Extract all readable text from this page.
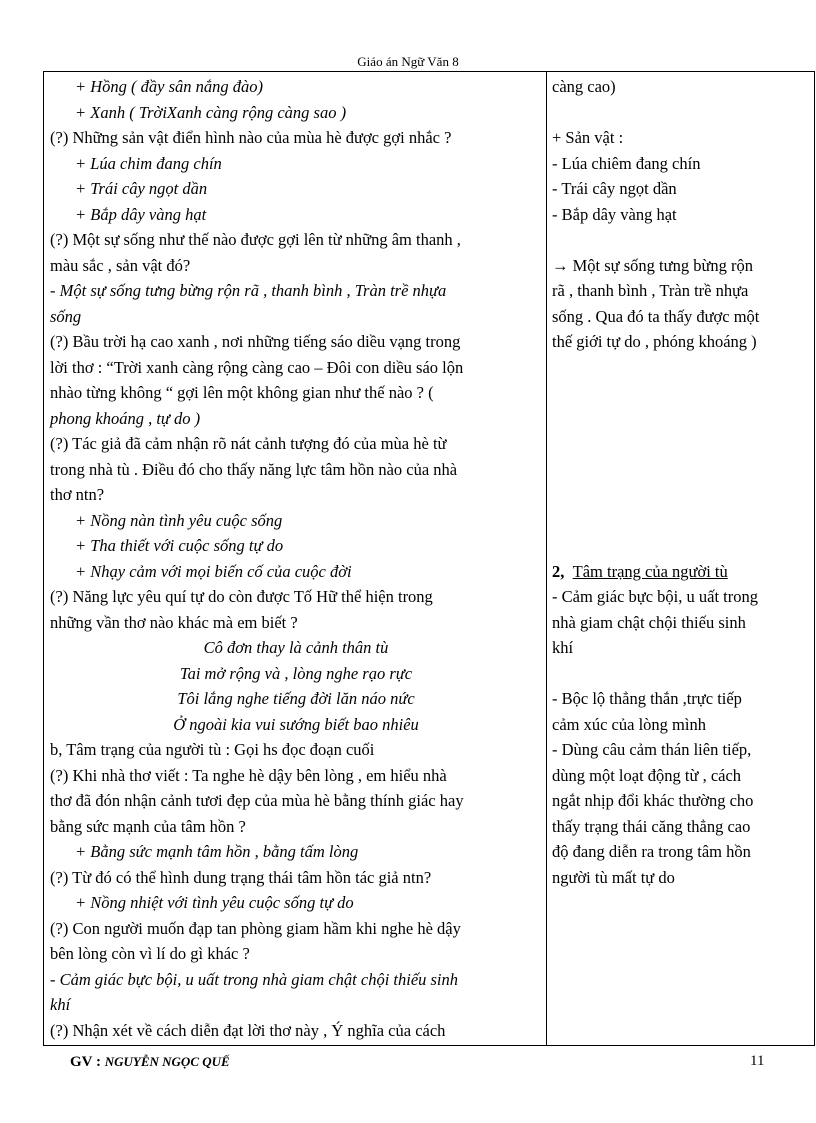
Giáo án Ngữ Văn 8
+ Hồng ( đầy sân nắng đào)
+ Xanh ( TrờiXanh càng rộng càng sao )
(?) Những sản vật điển hình nào của mùa hè được gợi nhắc ?
+ Lúa chim đang chín
+ Trái cây ngọt dần
+ Bắp dây vàng hạt
(?) Một sự sống như thế nào được gợi lên từ những âm thanh ,
màu sắc , sản vật đó?
- Một sự sống tưng bừng rộn rã , thanh bình , Tràn trề nhựa
sống
(?) Bầu trời hạ cao xanh , nơi những tiếng sáo diều vạng trong
lời thơ : “Trời xanh càng rộng càng cao – Đôi con diều sáo lộn
nhào từng không “ gợi lên một không gian như thế nào ? (
phong khoáng , tự do )
(?) Tác giả đã cảm nhận rõ nát cảnh tượng đó của mùa hè từ
trong nhà tù . Điều đó cho thấy năng lực tâm hồn nào của nhà
thơ ntn?
+ Nồng nàn tình yêu cuộc sống
+ Tha thiết với cuộc sống tự do
+ Nhạy cảm với mọi biến cố của cuộc đời
(?) Năng lực yêu quí tự do còn được Tố Hữ thể hiện trong
những vần thơ nào khác mà em biết ?
Cô đơn thay là cảnh thân tù
Tai mở rộng và , lòng nghe rạo rực
Tôi lắng nghe tiếng đời lăn náo nức
Ở ngoài kia vui sướng biết bao nhiêu
b, Tâm trạng của người tù : Gọi hs đọc đoạn cuối
(?) Khi nhà thơ viết : Ta nghe hè dậy bên lòng , em hiểu nhà
thơ đã đón nhận cảnh tươi đẹp của mùa hè bằng thính giác hay
bằng sức mạnh của tâm hồn ?
+ Bằng sức mạnh tâm hồn , bằng tấm lòng
(?) Từ đó có thể hình dung trạng thái tâm hồn tác giả ntn?
+ Nồng nhiệt với tình yêu cuộc sống tự do
(?) Con người muốn đạp tan phòng giam hầm khi nghe hè dậy
bên lòng còn vì lí do gì khác ?
- Cảm giác bực bội, u uất trong nhà giam chật chội thiếu sinh
khí
(?) Nhận xét về cách diễn đạt lời thơ này , Ý nghĩa của cách
càng cao)
+ Sản vật :
- Lúa chiêm đang chín
- Trái cây ngọt dần
- Bắp dây vàng hạt
→ Một sự sống tưng bừng rộn
rã , thanh bình , Tràn trề nhựa
sống . Qua đó ta thấy được một
thế giới tự do , phóng khoáng )
2, Tâm trạng của người tù
- Cảm giác bực bội, u uất trong
nhà giam chật chội thiếu sinh
khí
- Bộc lộ thẳng thắn ,trực tiếp
cảm xúc của lòng mình
- Dùng câu cảm thán liên tiếp,
dùng một loạt động từ , cách
ngắt nhịp đổi khác thường cho
thấy trạng thái căng thẳng cao
độ đang diễn ra trong tâm hồn
người tù mất tự do
GV : NGUYỄN NGỌC QUẾ	11
